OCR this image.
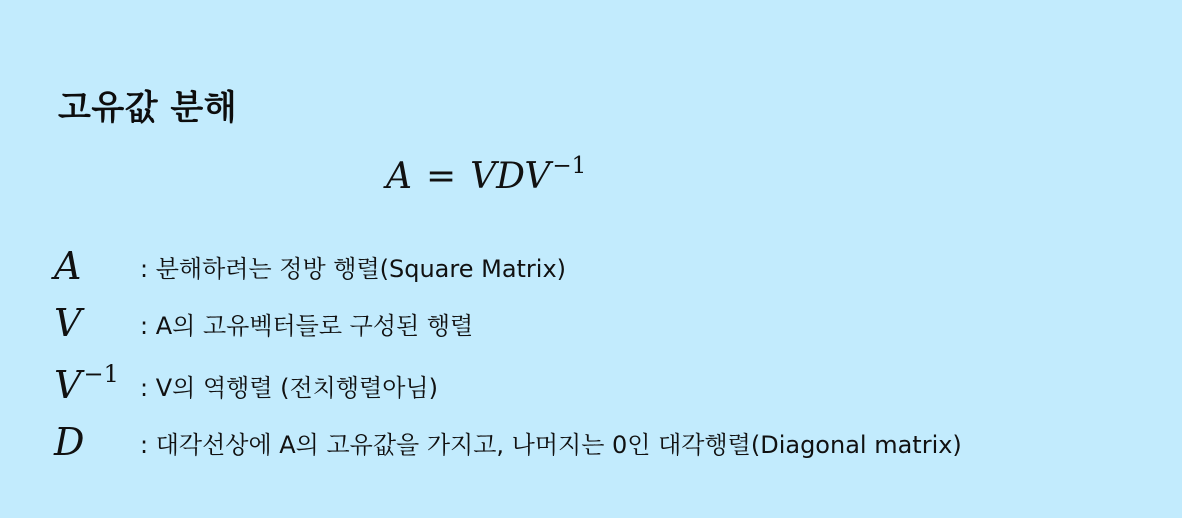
고유값 분해
$A = VDV^{-1}$
A : 분해하려는 정방 행렬(Square Matrix)
V : A의 고유벡터들로 구성된 행렬
$V^{-1}$ : V의 역행렬 (전치행렬아님)
D : 대각선상에 A의 고유값을 가지고, 나머지는 0인 대각행렬(Diagonal matrix)
